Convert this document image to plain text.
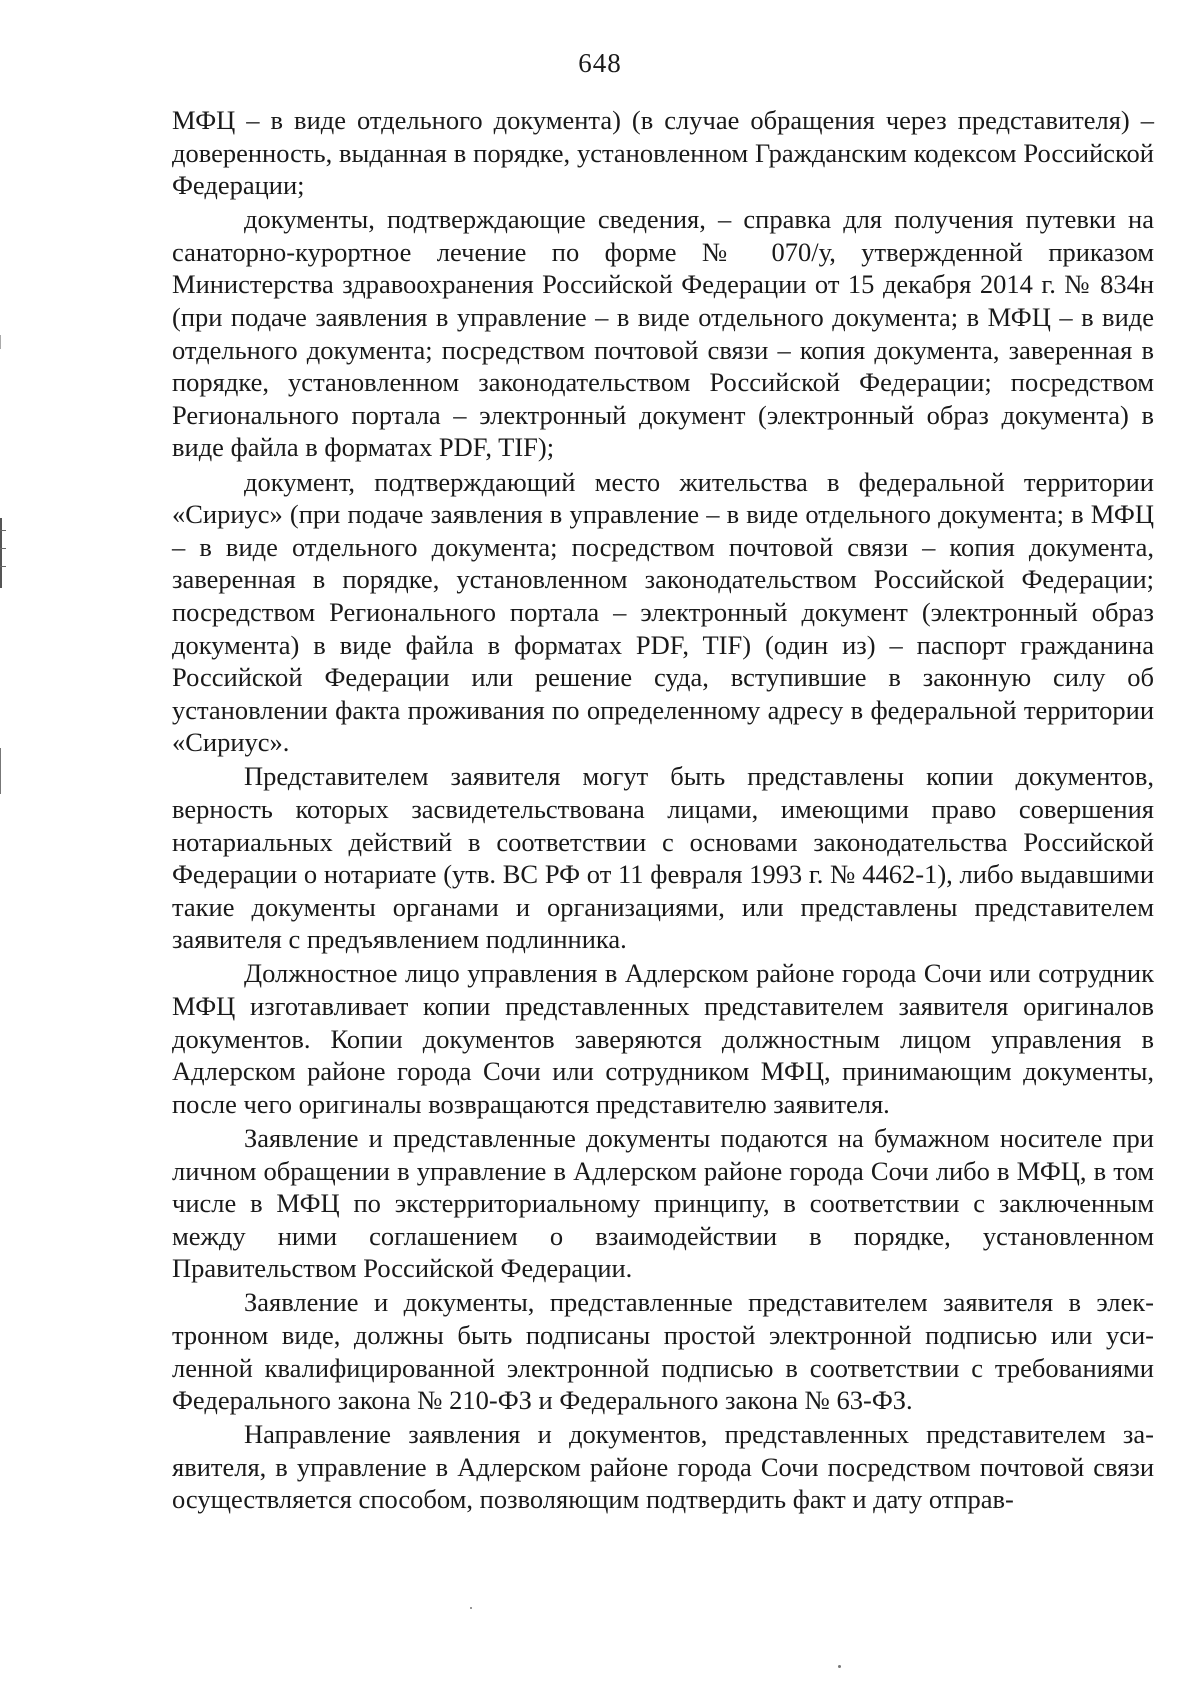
648

МФЦ – в виде отдельного документа) (в случае обращения через представителя) – доверенность, выданная в порядке, установленном Гражданским кодексом Российской Федерации;

документы, подтверждающие сведения, – справка для получения путевки на санаторно-курортное лечение по форме № 070/у, утвержденной приказом Министерства здравоохранения Российской Федерации от 15 декабря 2014 г. № 834н (при подаче заявления в управление – в виде отдельного документа; в МФЦ – в виде отдельного документа; посредством почтовой связи – копия документа, заверенная в порядке, установленном законодательством Российской Федерации; посредством Регионального портала – электронный документ (электронный образ документа) в виде файла в форматах PDF, TIF);

документ, подтверждающий место жительства в федеральной территории «Сириус» (при подаче заявления в управление – в виде отдельного документа; в МФЦ – в виде отдельного документа; посредством почтовой связи – копия документа, заверенная в порядке, установленном законодательством Российской Федерации; посредством Регионального портала – электронный документ (электронный образ документа) в виде файла в форматах PDF, TIF) (один из) – паспорт гражданина Российской Федерации или решение суда, вступившие в законную силу об установлении факта проживания по определенному адресу в федеральной территории «Сириус».

Представителем заявителя могут быть представлены копии документов, верность которых засвидетельствована лицами, имеющими право совершения нотариальных действий в соответствии с основами законодательства Российской Федерации о нотариате (утв. ВС РФ от 11 февраля 1993 г. № 4462-1), либо выдавшими такие документы органами и организациями, или представлены представителем заявителя с предъявлением подлинника.

Должностное лицо управления в Адлерском районе города Сочи или сотрудник МФЦ изготавливает копии представленных представителем заявителя оригиналов документов. Копии документов заверяются должностным лицом управления в Адлерском районе города Сочи или сотрудником МФЦ, принимающим документы, после чего оригиналы возвращаются представителю заявителя.

Заявление и представленные документы подаются на бумажном носителе при личном обращении в управление в Адлерском районе города Сочи либо в МФЦ, в том числе в МФЦ по экстерриториальному принципу, в соответствии с заключенным между ними соглашением о взаимодействии в порядке, установленном Правительством Российской Федерации.

Заявление и документы, представленные представителем заявителя в электронном виде, должны быть подписаны простой электронной подписью или усиленной квалифицированной электронной подписью в соответствии с требованиями Федерального закона № 210-ФЗ и Федерального закона № 63-ФЗ.

Направление заявления и документов, представленных представителем заявителя, в управление в Адлерском районе города Сочи посредством почтовой связи осуществляется способом, позволяющим подтвердить факт и дату отправ-
